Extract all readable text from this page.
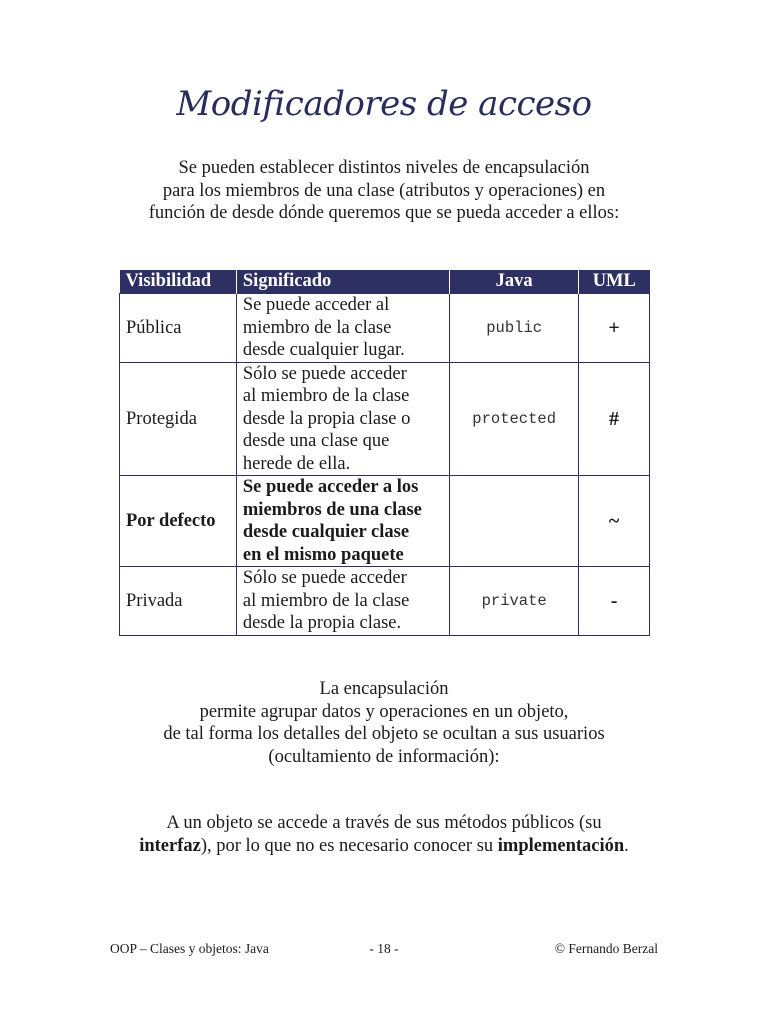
Modificadores de acceso

Se pueden establecer distintos niveles de encapsulación
para los miembros de una clase (atributos y operaciones) en
función de desde dónde queremos que se pueda acceder a ellos:

Visibilidad	Significado	Java	UML
Pública	Se puede acceder al
miembro de la clase
desde cualquier lugar.	public	+
Protegida	Sólo se puede acceder
al miembro de la clase
desde la propia clase o
desde una clase que
herede de ella.	protected	#
Por defecto	Se puede acceder a los
miembros de una clase
desde cualquier clase
en el mismo paquete		~
Privada	Sólo se puede acceder
al miembro de la clase
desde la propia clase.	private	-

La encapsulación
permite agrupar datos y operaciones en un objeto,
de tal forma los detalles del objeto se ocultan a sus usuarios
(ocultamiento de información):

A un objeto se accede a través de sus métodos públicos (su
interfaz), por lo que no es necesario conocer su implementación.

OOP – Clases y objetos: Java	- 18 -	© Fernando Berzal
